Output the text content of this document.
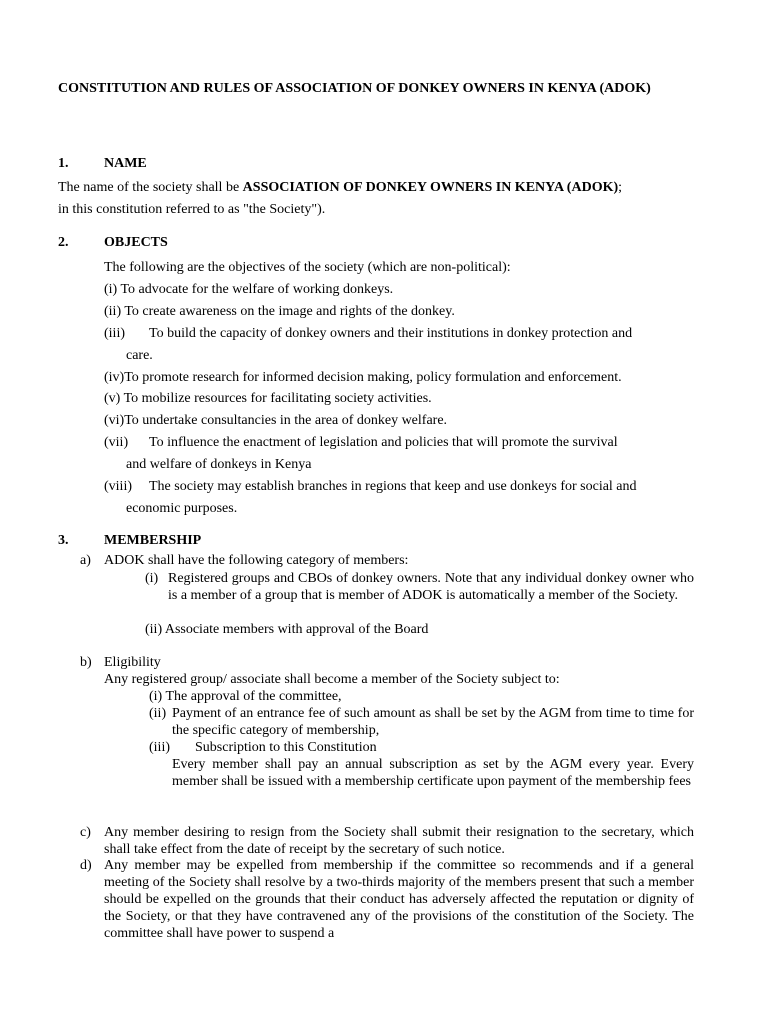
CONSTITUTION AND RULES OF ASSOCIATION OF DONKEY OWNERS IN KENYA (ADOK)
1.	NAME
The name of the society shall be ASSOCIATION OF DONKEY OWNERS IN KENYA (ADOK);
in this constitution referred to as "the Society").
2.	OBJECTS
The following are the objectives of the society (which are non-political):
(i) To advocate for the welfare of working donkeys.
(ii) To create awareness on the image and rights of the donkey.
(iii) To build the capacity of donkey owners and their institutions in donkey protection and
care.
(iv)To promote research for informed decision making, policy formulation and enforcement.
(v) To mobilize resources for facilitating society activities.
(vi)To undertake consultancies in the area of donkey welfare.
(vii) To influence the enactment of legislation and policies that will promote the survival
and welfare of donkeys in Kenya
(viii) The society may establish branches in regions that keep and use donkeys for social and
economic purposes.
3.	MEMBERSHIP
a) ADOK shall have the following category of members:
(i) Registered groups and CBOs of donkey owners. Note that any individual donkey owner who is a member of a group that is member of ADOK is automatically a member of the Society.
(ii) Associate members with approval of the Board
b) Eligibility
Any registered group/ associate shall become a member of the Society subject to:
(i) The approval of the committee,
(ii) Payment of an entrance fee of such amount as shall be set by the AGM from time to time for the specific category of membership,
(iii) Subscription to this Constitution
Every member shall pay an annual subscription as set by the AGM every year. Every member shall be issued with a membership certificate upon payment of the membership fees
c) Any member desiring to resign from the Society shall submit their resignation to the secretary, which shall take effect from the date of receipt by the secretary of such notice.
d) Any member may be expelled from membership if the committee so recommends and if a general meeting of the Society shall resolve by a two-thirds majority of the members present that such a member should be expelled on the grounds that their conduct has adversely affected the reputation or dignity of the Society, or that they have contravened any of the provisions of the constitution of the Society. The committee shall have power to suspend a
